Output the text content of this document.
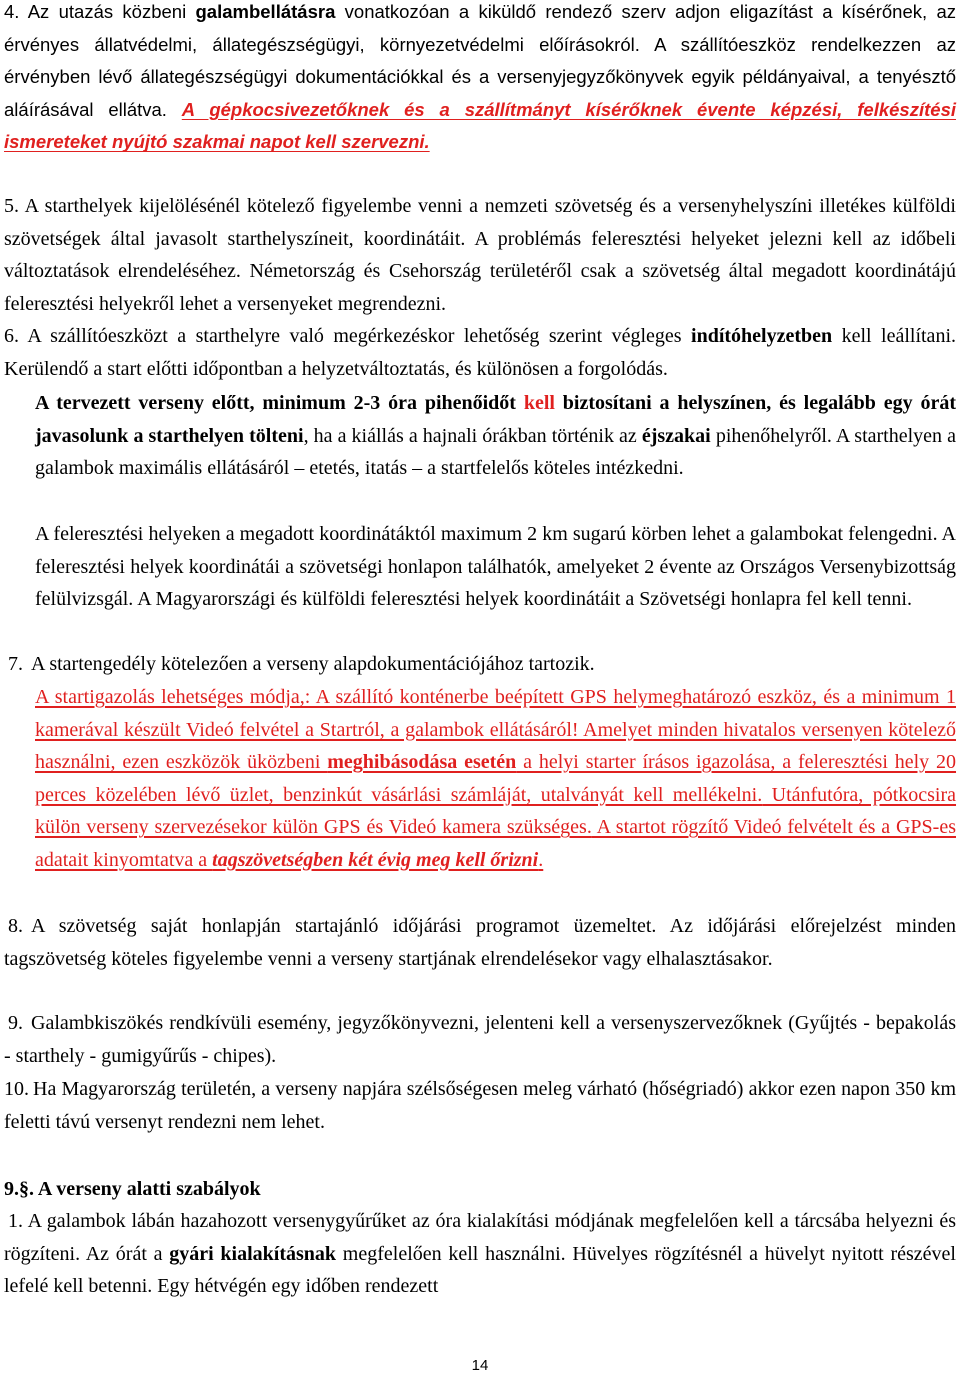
4. Az utazás közbeni galambellátásra vonatkozóan a kiküldő rendező szerv adjon eligazítást a kísérőnek, az érvényes állatvédelmi, állategészségügyi, környezetvédelmi előírásokról. A szállítóeszköz rendelkezzen az érvényben lévő állategészségügyi dokumentációkkal és a versenyjegyzőkönyvek egyik példányaival, a tenyésztő aláírásával ellátva. A gépkocsivezetőknek és a szállítmányt kísérőknek évente képzési, felkészítési ismereteket nyújtó szakmai napot kell szervezni.

5. A starthelyek kijelölésénél kötelező figyelembe venni a nemzeti szövetség és a versenyhelyszíni illetékes külföldi szövetségek által javasolt starthelyszíneit, koordinátáit. A problémás feleresztési helyeket jelezni kell az időbeli változtatások elrendeléséhez. Németország és Csehország területéről csak a szövetség által megadott koordinátájú feleresztési helyekről lehet a versenyeket megrendezni.

6. A szállítóeszközt a starthelyre való megérkezéskor lehetőség szerint végleges indítóhelyzetben kell leállítani. Kerülendő a start előtti időpontban a helyzetváltoztatás, és különösen a forgolódás.

A tervezett verseny előtt, minimum 2-3 óra pihenőidőt kell biztosítani a helyszínen, és legalább egy órát javasolunk a starthelyen tölteni, ha a kiállás a hajnali órákban történik az éjszakai pihenőhelyről. A starthelyen a galambok maximális ellátásáról – etetés, itatás – a startfelelős köteles intézkedni.

A feleresztési helyeken a megadott koordinátáktól maximum 2 km sugarú körben lehet a galambokat felengedni. A feleresztési helyek koordinátái a szövetségi honlapon találhatók, amelyeket 2 évente az Országos Versenybizottság felülvizsgál. A Magyarországi és külföldi feleresztési helyek koordinátáit a Szövetségi honlapra fel kell tenni.

7. A startengedély kötelezően a verseny alapdokumentációjához tartozik.

A startigazolás lehetséges módja,: A szállító konténerbe beépített GPS helymeghatározó eszköz, és a minimum 1 kamerával készült Videó felvétel a Startról, a galambok ellátásáról! Amelyet minden hivatalos versenyen kötelező használni, ezen eszközök üközbeni meghibásodása esetén a helyi starter írásos igazolása, a feleresztési hely 20 perces közelében lévő üzlet, benzinkút vásárlási számláját, utalványát kell mellékelni. Utánfutóra, pótkocsira külön verseny szervezésekor külön GPS és Videó kamera szükséges. A startot rögzítő Videó felvételt és a GPS-es adatait kinyomtatva a tagszövetségben két évig meg kell őrizni.

8. A szövetség saját honlapján startajánló időjárási programot üzemeltet. Az időjárási előrejelzést minden tagszövetség köteles figyelembe venni a verseny startjának elrendelésekor vagy elhalasztásakor.

9. Galambkiszökés rendkívüli esemény, jegyzőkönyvezni, jelenteni kell a versenyszervezőknek (Gyűjtés - bepakolás - starthely - gumigyűrűs - chipes).

10. Ha Magyarország területén, a verseny napjára szélsőségesen meleg várható (hőségriadó) akkor ezen napon 350 km feletti távú versenyt rendezni nem lehet.

9.§. A verseny alatti szabályok

1. A galambok lábán hazahozott versenygyűrűket az óra kialakítási módjának megfelelően kell a tárcsába helyezni és rögzíteni. Az órát a gyári kialakításnak megfelelően kell használni. Hüvelyes rögzítésnél a hüvelyt nyitott részével lefelé kell betenni. Egy hétvégén egy időben rendezett

14
